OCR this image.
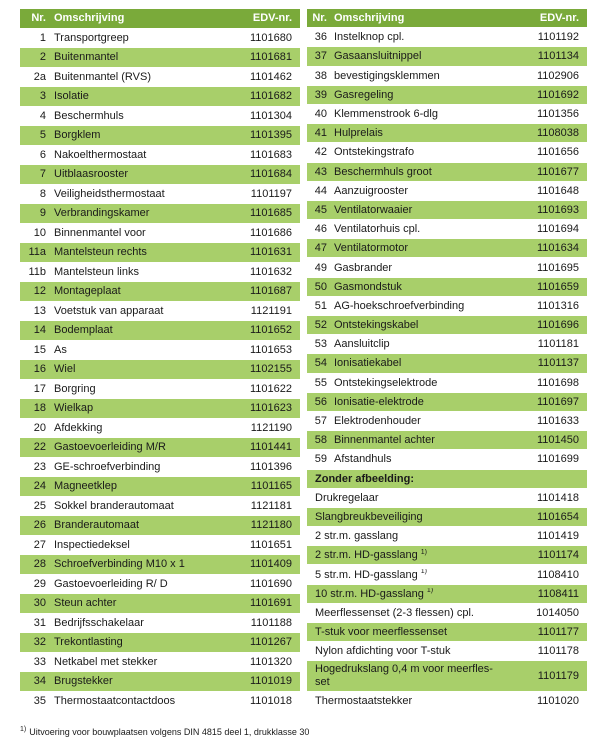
Nr. Omschrijving	EDV-nr.
1 Transportgreep	1101680
2 Buitenmantel	1101681
2a Buitenmantel (RVS)	1101462
3 Isolatie	1101682
4 Beschermhuls	1101304
5 Borgklem	1101395
6 Nakoelthermostaat	1101683
7 Uitblaasrooster	1101684
8 Veiligheidsthermostaat	1101197
9 Verbrandingskamer	1101685
10 Binnenmantel voor	1101686
11a Mantelsteun rechts	1101631
11b Mantelsteun links	1101632
12 Montageplaat	1101687
13 Voetstuk van apparaat	1121191
14 Bodemplaat	1101652
15 As	1101653
16 Wiel	1102155
17 Borgring	1101622
18 Wielkap	1101623
20 Afdekking	1121190
22 Gastoevoerleiding M/R	1101441
23 GE-schroefverbinding	1101396
24 Magneetklep	1101165
25 Sokkel branderautomaat	1121181
26 Branderautomaat	1121180
27 Inspectiedeksel	1101651
28 Schroefverbinding M10 x 1	1101409
29 Gastoevoerleiding R/ D	1101690
30 Steun achter	1101691
31 Bedrijfsschakelaar	1101188
32 Trekontlasting	1101267
33 Netkabel met stekker	1101320
34 Brugstekker	1101019
35 Thermostaatcontactdoos	1101018
Nr. Omschrijving	EDV-nr.
36 Instelknop cpl.	1101192
37 Gasaansluitnippel	1101134
38 bevestigingsklemmen	1102906
39 Gasregeling	1101692
40 Klemmenstrook 6-dlg	1101356
41 Hulprelais	1108038
42 Ontstekingstrafo	1101656
43 Beschermhuls groot	1101677
44 Aanzuigrooster	1101648
45 Ventilatorwaaier	1101693
46 Ventilatorhuis cpl.	1101694
47 Ventilatormotor	1101634
49 Gasbrander	1101695
50 Gasmondstuk	1101659
51 AG-hoekschroefverbinding	1101316
52 Ontstekingskabel	1101696
53 Aansluitclip	1101181
54 Ionisatiekabel	1101137
55 Ontstekingselektrode	1101698
56 Ionisatie-elektrode	1101697
57 Elektrodenhouder	1101633
58 Binnenmantel achter	1101450
59 Afstandhuls	1101699
Zonder afbeelding:
Drukregelaar	1101418
Slangbreukbeveiliging	1101654
2 str.m. gasslang	1101419
2 str.m. HD-gasslang $^{1)}$	1101174
5 str.m. HD-gasslang $^{1)}$	1108410
10 str.m. HD-gasslang $^{1)}$	1108411
Meerflessenset (2-3 flessen) cpl.	1014050
T-stuk voor meerflessenset	1101177
Nylon afdichting voor T-stuk	1101178
Hogedrukslang 0,4 m voor meerfles-
set	1101179
Thermostaatstekker	1101020
$^{1)}$ Uitvoering voor bouwplaatsen volgens DIN 4815 deel 1, drukklasse 30
